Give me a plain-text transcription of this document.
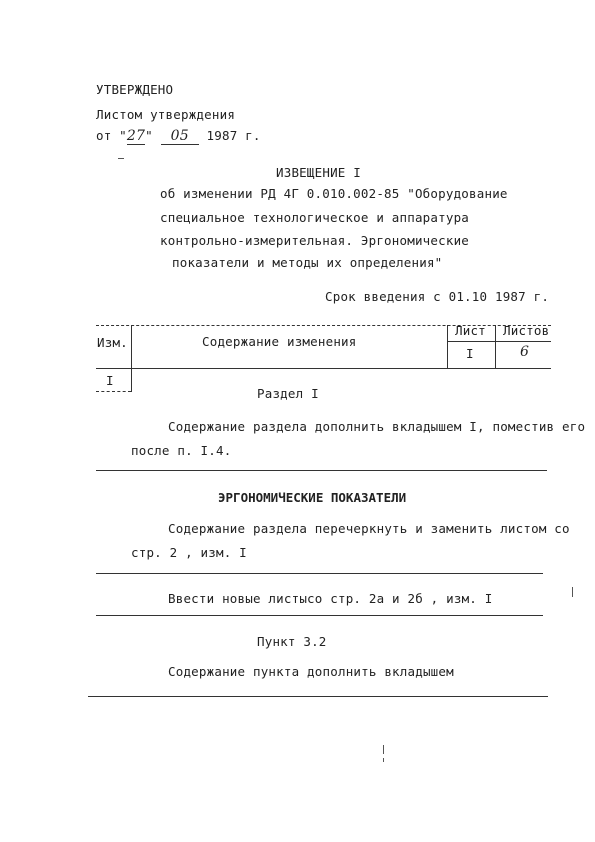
УТВЕРЖДЕНО
Листом утверждения
от "27" 05 1987 г.
ИЗВЕЩЕНИЕ I
об изменении РД 4Г 0.010.002-85 "Оборудование
специальное технологическое и аппаратура
контрольно-измерительная. Эргономические
показатели и методы их определения"
Срок введения с 01.10 1987 г.
Изм.	Содержание изменения
Лист Листов
I	6
I
Раздел I
Содержание раздела дополнить вкладышем I, поместив его
после п. I.4.
ЭРГОНОМИЧЕСКИЕ ПОКАЗАТЕЛИ
Содержание раздела перечеркнуть и заменить листом со
стр. 2 , изм. I
Ввести новые листыco стр. 2a и 2б , изм. I
Пункт 3.2
Содержание пункта дополнить вкладышем
